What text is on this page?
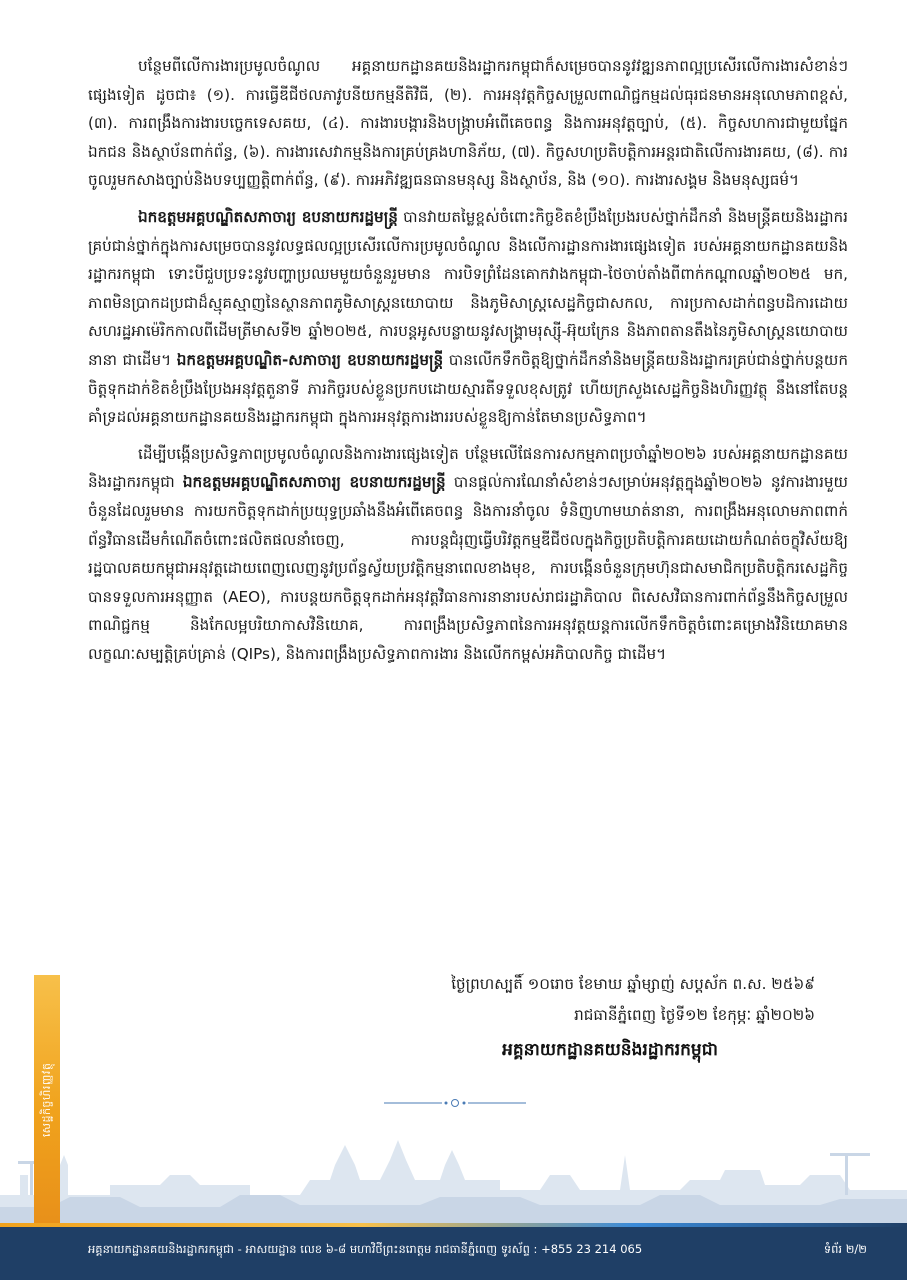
បន្ថែមពីលើការងារប្រមូលចំណូល អគ្គនាយកដ្ឋានគយនិងរដ្ឋាករកម្ពុជាក៏សម្រេចបាននូវវឌ្ឍនភាពល្អប្រសើរលើការងារសំខាន់ៗផ្សេងទៀត ដូចជា៖ (១). ការធ្វើឌីជីថលភាវូបនីយកម្មនីតិវិធី, (២). ការអនុវត្តកិច្ចសម្រួលពាណិជ្ជកម្មដល់ធុរជនមានអនុលោមភាពខ្ពស់, (៣). ការពង្រឹងការងារបច្ចេកទេសគយ, (៤). ការងារបង្ការនិងបង្ក្រាបអំពើគេចពន្ធ និងការអនុវត្តច្បាប់, (៥). កិច្ចសហការជាមួយផ្នែកឯកជន និងស្ថាប័នពាក់ព័ន្ធ, (៦). ការងារសេវាកម្មនិងការគ្រប់គ្រងហានិភ័យ, (៧). កិច្ចសហប្រតិបត្តិការអន្តរជាតិលើការងារគយ, (៨). ការចូលរួមកសាងច្បាប់និងបទប្បញ្ញត្តិពាក់ព័ន្ធ, (៩). ការអភិវឌ្ឍធនធានមនុស្ស និងស្ថាប័ន, និង (១០). ការងារសង្គម និងមនុស្សធម៌។

ឯកឧត្តមអគ្គបណ្ឌិតសភាចារ្យ ឧបនាយករដ្ឋមន្ត្រី បានវាយតម្លៃខ្ពស់ចំពោះកិច្ចខិតខំប្រឹងប្រែងរបស់ថ្នាក់ដឹកនាំ និងមន្ត្រីគយនិងរដ្ឋាករគ្រប់ជាន់ថ្នាក់ក្នុងការសម្រេចបាននូវលទ្ធផលល្អប្រសើរលើការប្រមូលចំណូល និងលើការដ្ឋានការងារផ្សេងទៀត របស់អគ្គនាយកដ្ឋានគយនិងរដ្ឋាករកម្ពុជា ទោះបីជួបប្រទះនូវបញ្ហាប្រឈមមួយចំនួនរួមមាន ការបិទព្រំដែនគោកវាងកម្ពុជា-ថៃចាប់តាំងពីពាក់កណ្ដាលឆ្នាំ២០២៥ មក, ភាពមិនប្រាកដប្រជាដ៏ស្មុគស្មាញនៃស្ថានភាពភូមិសាស្ត្រនយោបាយ និងភូមិសាស្ត្រសេដ្ឋកិច្ចជាសកល, ការប្រកាសដាក់ពន្ធបដិការដោយសហរដ្ឋអាម៉េរិកកាលពីដើមត្រីមាសទី២ ឆ្នាំ២០២៥, ការបន្តអូសបន្លាយនូវសង្គ្រាមរុស្ស៊ី-អ៊ុយក្រែន និងភាពតានតឹងនៃភូមិសាស្ត្រនយោបាយនានា ជាដើម។ ឯកឧត្តមអគ្គបណ្ឌិត-សភាចារ្យ ឧបនាយករដ្ឋមន្ត្រី បានលើកទឹកចិត្តឱ្យថ្នាក់ដឹកនាំនិងមន្ត្រីគយនិងរដ្ឋាករគ្រប់ជាន់ថ្នាក់បន្តយកចិត្តទុកដាក់ខិតខំប្រឹងប្រែងអនុវត្តតួនាទី ភារកិច្ចរបស់ខ្លួនប្រកបដោយស្មារតីទទួលខុសត្រូវ ហើយក្រសួងសេដ្ឋកិច្ចនិងហិរញ្ញវត្ថុ នឹងនៅតែបន្តគាំទ្រដល់អគ្គនាយកដ្ឋានគយនិងរដ្ឋាករកម្ពុជា ក្នុងការអនុវត្តការងាររបស់ខ្លួនឱ្យកាន់តែមានប្រសិទ្ធភាព។

ដើម្បីបង្កើនប្រសិទ្ធភាពប្រមូលចំណូលនិងការងារផ្សេងទៀត បន្ថែមលើផែនការសកម្មភាពប្រចាំឆ្នាំ២០២៦ របស់អគ្គនាយកដ្ឋានគយនិងរដ្ឋាករកម្ពុជា ឯកឧត្តមអគ្គបណ្ឌិតសភាចារ្យ ឧបនាយករដ្ឋមន្ត្រី បានផ្តល់ការណែនាំសំខាន់ៗសម្រាប់អនុវត្តក្នុងឆ្នាំ២០២៦ នូវការងារមួយចំនួនដែលរួមមាន ការយកចិត្តទុកដាក់ប្រយុទ្ធប្រឆាំងនឹងអំពើគេចពន្ធ និងការនាំចូល ទំនិញហាមឃាត់នានា, ការពង្រឹងអនុលោមភាពពាក់ព័ន្ធវិធានដើមកំណើតចំពោះផលិតផលនាំចេញ, ការបន្តជំរុញធ្វើបរិវត្តកម្មឌីជីថលក្នុងកិច្ចប្រតិបត្តិការគយដោយកំណត់ចក្ខុវិស័យឱ្យរដ្ឋបាលគយកម្ពុជាអនុវត្តដោយពេញលេញនូវប្រព័ន្ធស្វ័យប្រវត្តិកម្មនាពេលខាងមុខ, ការបង្កើនចំនួនក្រុមហ៊ុនជាសមាជិកប្រតិបត្តិករសេដ្ឋកិច្ចបានទទួលការអនុញ្ញាត (AEO), ការបន្តយកចិត្តទុកដាក់អនុវត្តវិធានការនានារបស់រាជរដ្ឋាភិបាល ពិសេសវិធានការពាក់ព័ន្ធនឹងកិច្ចសម្រួលពាណិជ្ជកម្ម និងកែលម្អបរិយាកាសវិនិយោគ, ការពង្រឹងប្រសិទ្ធភាពនៃការអនុវត្តយន្តការលើកទឹកចិត្តចំពោះគម្រោងវិនិយោគមានលក្ខណៈសម្បត្តិគ្រប់គ្រាន់ (QIPs), និងការពង្រឹងប្រសិទ្ធភាពការងារ និងលើកកម្ពស់អភិបាលកិច្ច ជាដើម។

ថ្ងៃព្រហស្បតិ៍ ១០រោច ខែមាឃ ឆ្នាំម្សាញ់ សប្តស័ក ព.ស. ២៥៦៩
រាជធានីភ្នំពេញ ថ្ងៃទី១២ ខែកុម្ភៈ ឆ្នាំ២០២៦
អគ្គនាយកដ្ឋានគយនិងរដ្ឋាករកម្ពុជា
សេដ្ឋកិច្ចហិរញ្ញវត្ថុ
អគ្គនាយកដ្ឋានគយនិងរដ្ឋាករកម្ពុជា - អាសយដ្ឋាន លេខ ៦-៨ មហាវិថីព្រះនរោត្តម រាជធានីភ្នំពេញ ទូរស័ព្ទ : +855 23 214 065	ទំព័រ ២/២
